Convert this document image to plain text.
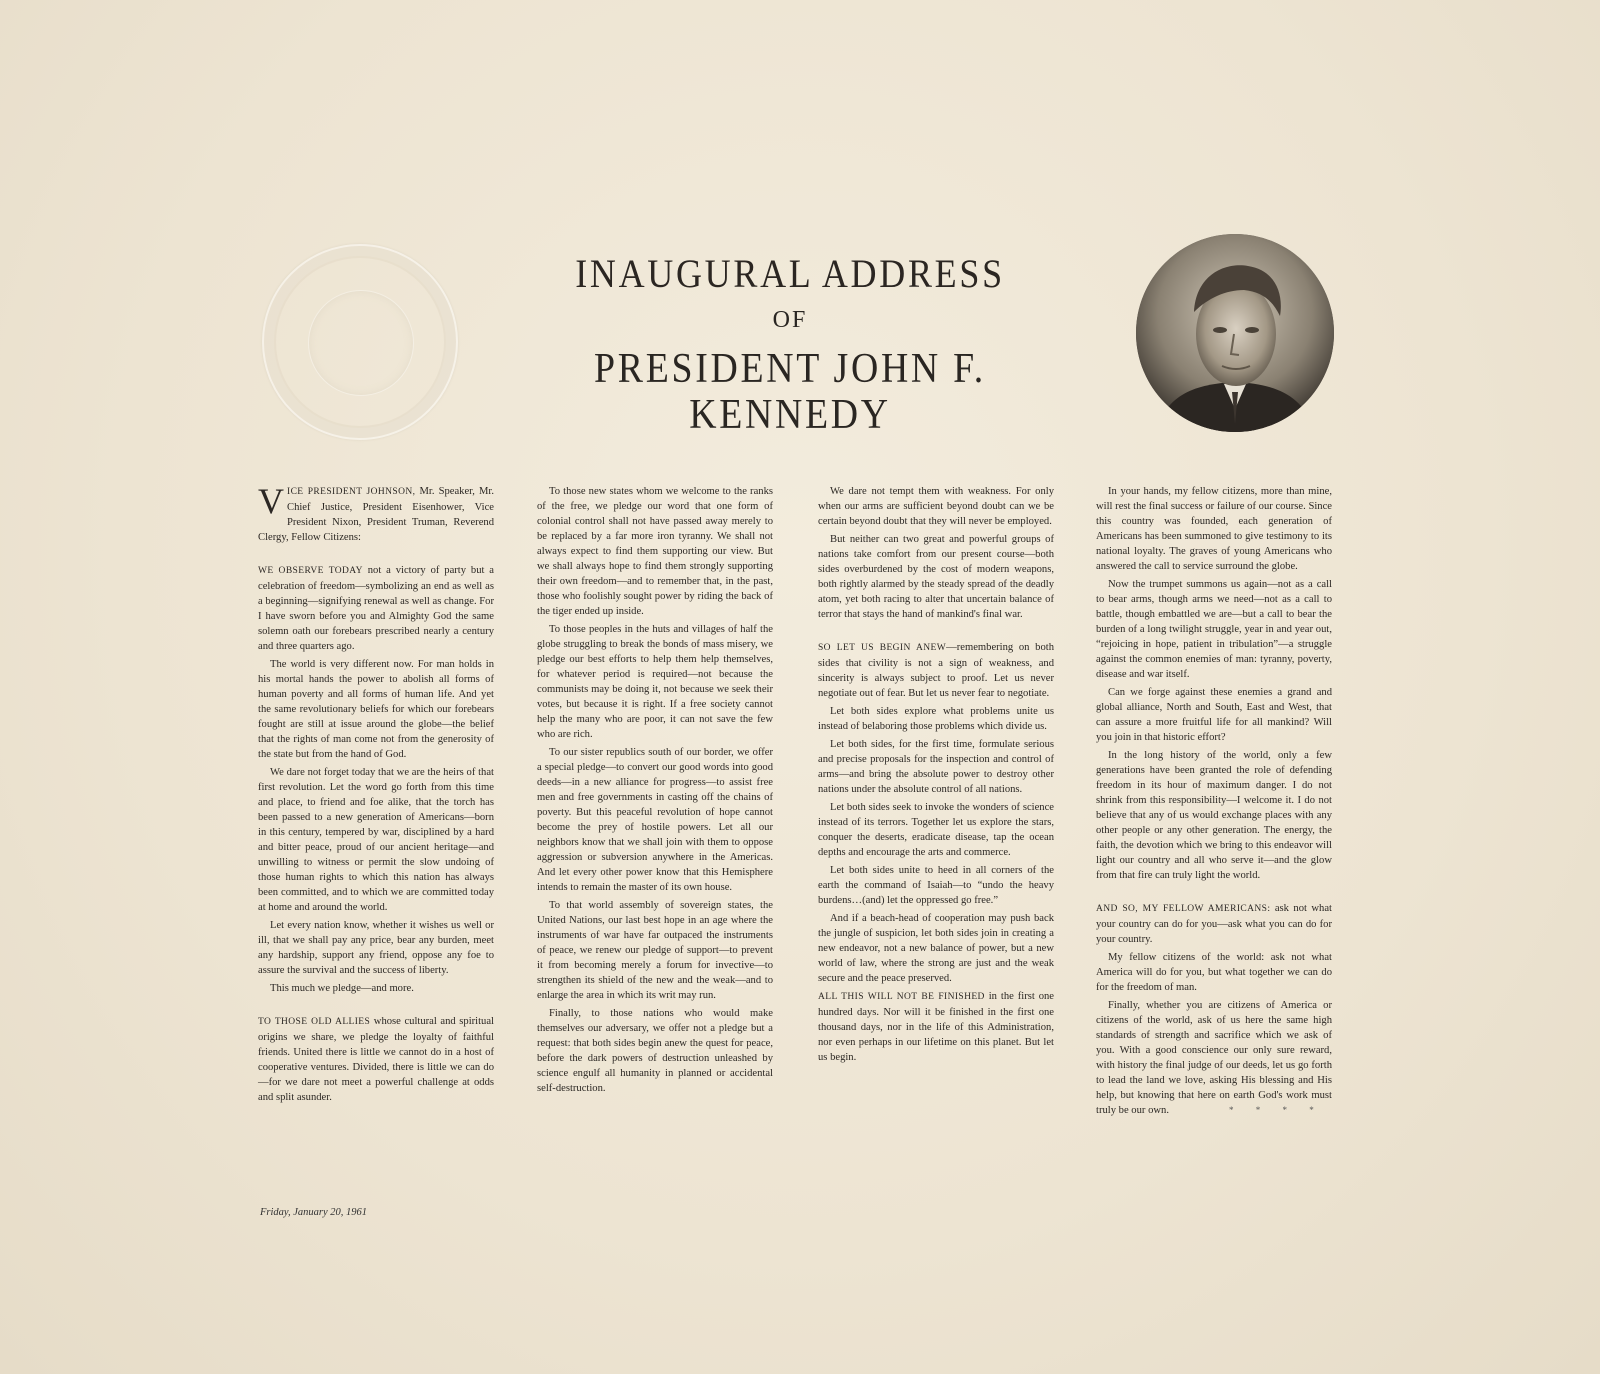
INAUGURAL ADDRESS
OF
PRESIDENT JOHN F. KENNEDY

VICE PRESIDENT JOHNSON, Mr. Speaker, Mr. Chief Justice, President Eisenhower, Vice President Nixon, President Truman, Reverend Clergy, Fellow Citizens:

WE OBSERVE TODAY not a victory of party but a celebration of freedom—symbolizing an end as well as a beginning—signifying renewal as well as change. For I have sworn before you and Almighty God the same solemn oath our forebears prescribed nearly a century and three quarters ago.

The world is very different now. For man holds in his mortal hands the power to abolish all forms of human poverty and all forms of human life. And yet the same revolutionary beliefs for which our forebears fought are still at issue around the globe—the belief that the rights of man come not from the generosity of the state but from the hand of God.

We dare not forget today that we are the heirs of that first revolution. Let the word go forth from this time and place, to friend and foe alike, that the torch has been passed to a new generation of Americans—born in this century, tempered by war, disciplined by a hard and bitter peace, proud of our ancient heritage—and unwilling to witness or permit the slow undoing of those human rights to which this nation has always been committed, and to which we are committed today at home and around the world.

Let every nation know, whether it wishes us well or ill, that we shall pay any price, bear any burden, meet any hardship, support any friend, oppose any foe to assure the survival and the success of liberty.

This much we pledge—and more.

TO THOSE OLD ALLIES whose cultural and spiritual origins we share, we pledge the loyalty of faithful friends. United there is little we cannot do in a host of cooperative ventures. Divided, there is little we can do—for we dare not meet a powerful challenge at odds and split asunder.

To those new states whom we welcome to the ranks of the free, we pledge our word that one form of colonial control shall not have passed away merely to be replaced by a far more iron tyranny. We shall not always expect to find them supporting our view. But we shall always hope to find them strongly supporting their own freedom—and to remember that, in the past, those who foolishly sought power by riding the back of the tiger ended up inside.

To those peoples in the huts and villages of half the globe struggling to break the bonds of mass misery, we pledge our best efforts to help them help themselves, for whatever period is required—not because the communists may be doing it, not because we seek their votes, but because it is right. If a free society cannot help the many who are poor, it can not save the few who are rich.

To our sister republics south of our border, we offer a special pledge—to convert our good words into good deeds—in a new alliance for progress—to assist free men and free governments in casting off the chains of poverty. But this peaceful revolution of hope cannot become the prey of hostile powers. Let all our neighbors know that we shall join with them to oppose aggression or subversion anywhere in the Americas. And let every other power know that this Hemisphere intends to remain the master of its own house.

To that world assembly of sovereign states, the United Nations, our last best hope in an age where the instruments of war have far outpaced the instruments of peace, we renew our pledge of support—to prevent it from becoming merely a forum for invective—to strengthen its shield of the new and the weak—and to enlarge the area in which its writ may run.

Finally, to those nations who would make themselves our adversary, we offer not a pledge but a request: that both sides begin anew the quest for peace, before the dark powers of destruction unleashed by science engulf all humanity in planned or accidental self-destruction.

We dare not tempt them with weakness. For only when our arms are sufficient beyond doubt can we be certain beyond doubt that they will never be employed.

But neither can two great and powerful groups of nations take comfort from our present course—both sides overburdened by the cost of modern weapons, both rightly alarmed by the steady spread of the deadly atom, yet both racing to alter that uncertain balance of terror that stays the hand of mankind's final war.

SO LET US BEGIN ANEW—remembering on both sides that civility is not a sign of weakness, and sincerity is always subject to proof. Let us never negotiate out of fear. But let us never fear to negotiate.

Let both sides explore what problems unite us instead of belaboring those problems which divide us.

Let both sides, for the first time, formulate serious and precise proposals for the inspection and control of arms—and bring the absolute power to destroy other nations under the absolute control of all nations.

Let both sides seek to invoke the wonders of science instead of its terrors. Together let us explore the stars, conquer the deserts, eradicate disease, tap the ocean depths and encourage the arts and commerce.

Let both sides unite to heed in all corners of the earth the command of Isaiah—to “undo the heavy burdens…(and) let the oppressed go free.”

And if a beach-head of cooperation may push back the jungle of suspicion, let both sides join in creating a new endeavor, not a new balance of power, but a new world of law, where the strong are just and the weak secure and the peace preserved.

ALL THIS WILL NOT BE FINISHED in the first one hundred days. Nor will it be finished in the first one thousand days, nor in the life of this Administration, nor even perhaps in our lifetime on this planet. But let us begin.

In your hands, my fellow citizens, more than mine, will rest the final success or failure of our course. Since this country was founded, each generation of Americans has been summoned to give testimony to its national loyalty. The graves of young Americans who answered the call to service surround the globe.

Now the trumpet summons us again—not as a call to bear arms, though arms we need—not as a call to battle, though embattled we are—but a call to bear the burden of a long twilight struggle, year in and year out, “rejoicing in hope, patient in tribulation”—a struggle against the common enemies of man: tyranny, poverty, disease and war itself.

Can we forge against these enemies a grand and global alliance, North and South, East and West, that can assure a more fruitful life for all mankind? Will you join in that historic effort?

In the long history of the world, only a few generations have been granted the role of defending freedom in its hour of maximum danger. I do not shrink from this responsibility—I welcome it. I do not believe that any of us would exchange places with any other people or any other generation. The energy, the faith, the devotion which we bring to this endeavor will light our country and all who serve it—and the glow from that fire can truly light the world.

AND SO, MY FELLOW AMERICANS: ask not what your country can do for you—ask what you can do for your country.

My fellow citizens of the world: ask not what America will do for you, but what together we can do for the freedom of man.

Finally, whether you are citizens of America or citizens of the world, ask of us here the same high standards of strength and sacrifice which we ask of you. With a good conscience our only sure reward, with history the final judge of our deeds, let us go forth to lead the land we love, asking His blessing and His help, but knowing that here on earth God's work must truly be our own.	* * * *

Friday, January 20, 1961
